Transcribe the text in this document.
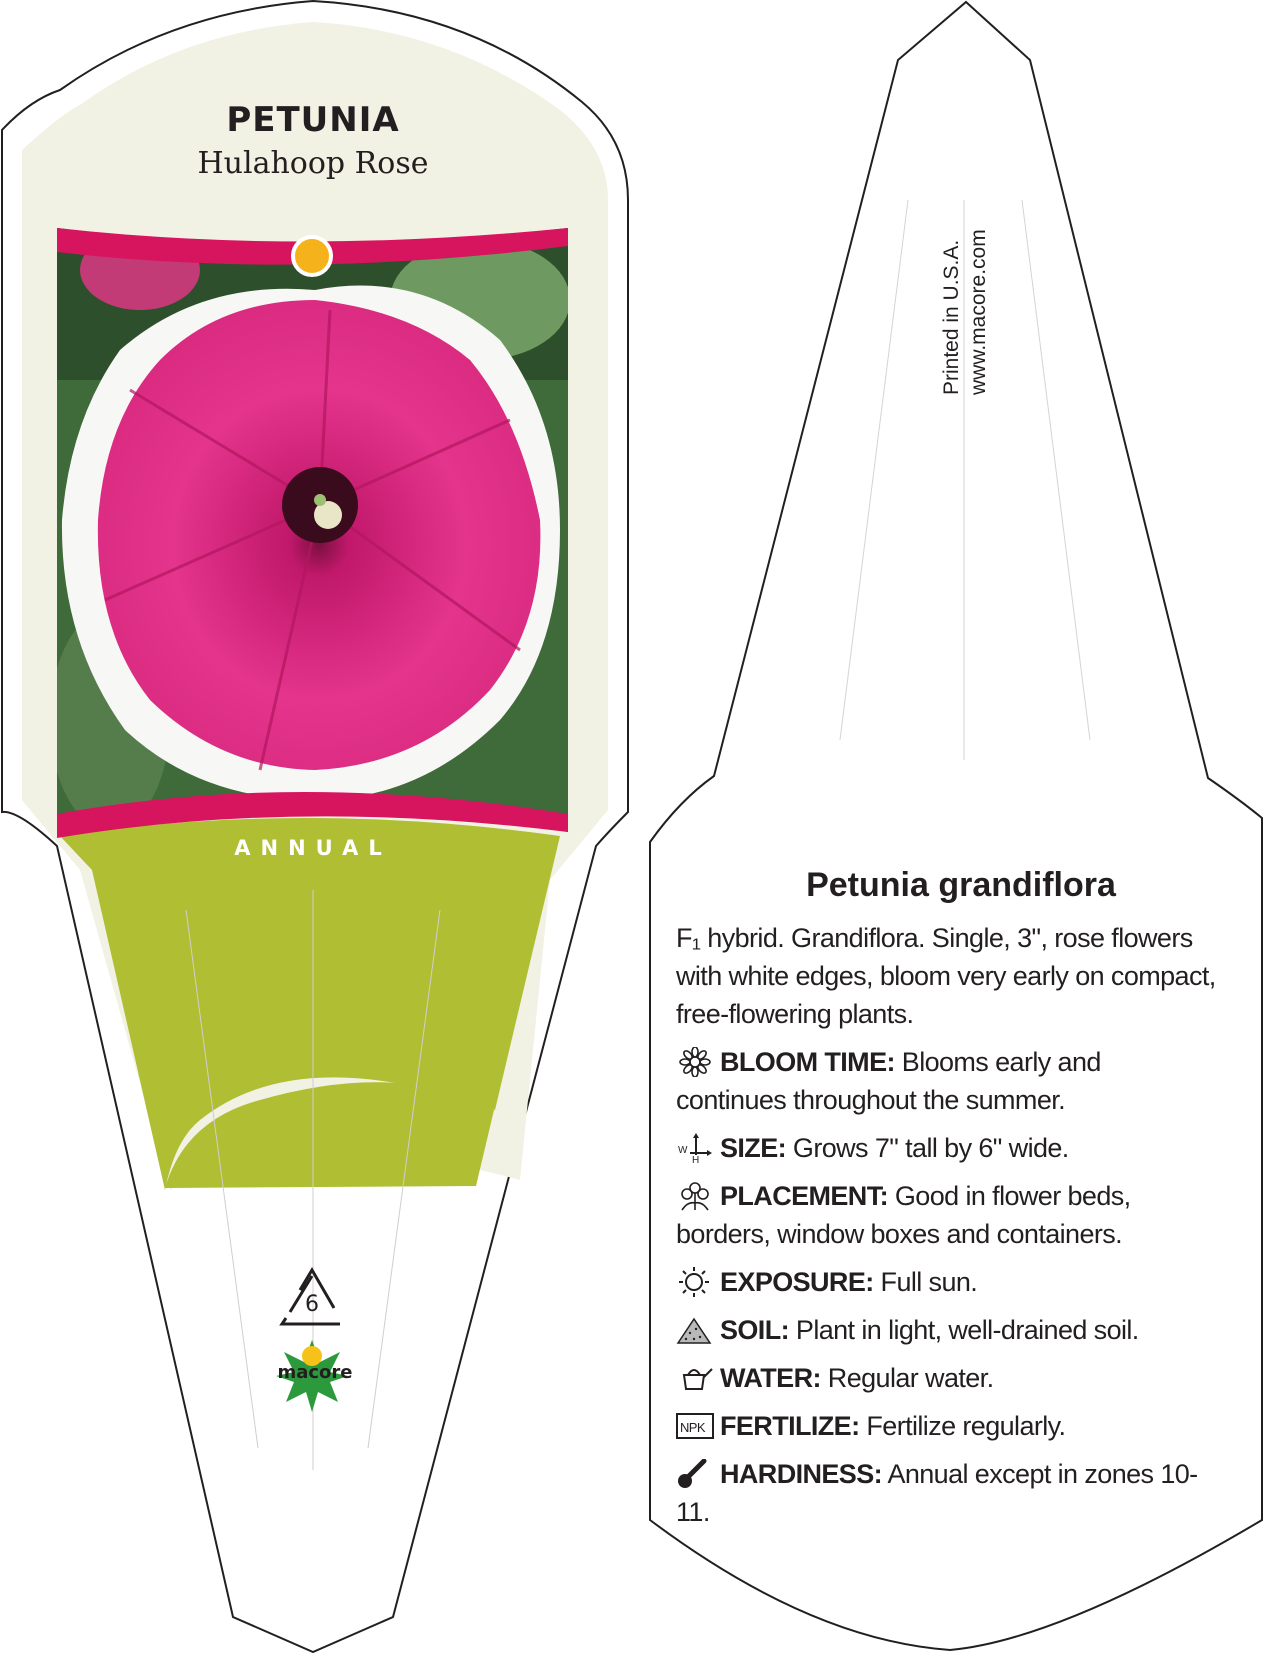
PETUNIA
Hulahoop Rose
ANNUAL
6
macore
Printed in U.S.A. www.macore.com
Petunia grandiflora
F₁ hybrid. Grandiflora. Single, 3", rose flowers with white edges, bloom very early on compact, free-flowering plants.
BLOOM TIME: Blooms early and continues throughout the summer.
W
H SIZE: Grows 7" tall by 6" wide.
PLACEMENT: Good in flower beds, borders, window boxes and containers.
EXPOSURE: Full sun.
SOIL: Plant in light, well-drained soil.
WATER: Regular water.
NPK FERTILIZE: Fertilize regularly.
HARDINESS: Annual except in zones 10-11.
